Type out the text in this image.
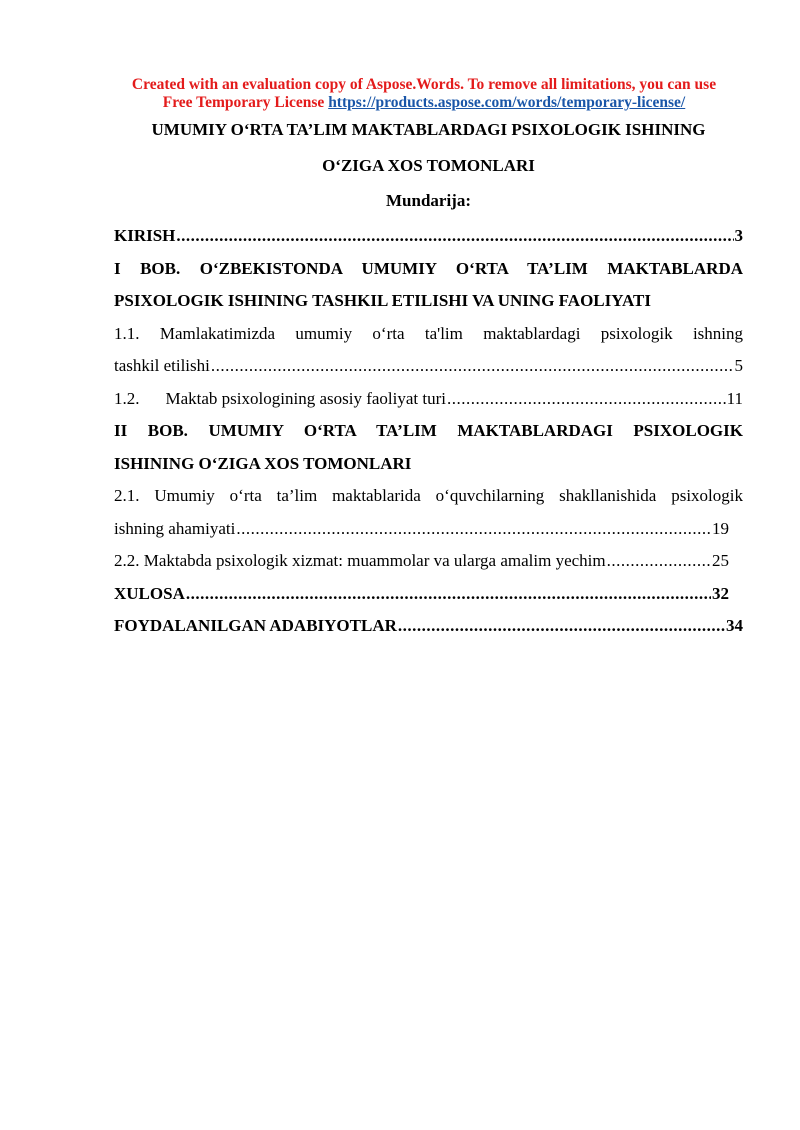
Created with an evaluation copy of Aspose.Words. To remove all limitations, you can use
Free Temporary License https://products.aspose.com/words/temporary-license/
UMUMIY O‘RTA TA’LIM MAKTABLARDAGI PSIXOLOGIK ISHINING
O‘ZIGA XOS TOMONLARI
Mundarija:
KIRISH .....	3
I BOB. O‘ZBEKISTONDA UMUMIY O‘RTA TA’LIM MAKTABLARDA
PSIXOLOGIK ISHINING TASHKIL ETILISHI VA UNING FAOLIYATI
1.1. Mamlakatimizda umumiy o‘rta ta'lim maktablardagi psixologik ishning
tashkil etilishi .....	5
1.2. Maktab psixologining asosiy faoliyat turi .....	11
II BOB. UMUMIY O‘RTA TA’LIM MAKTABLARDAGI PSIXOLOGIK
ISHINING O‘ZIGA XOS TOMONLARI
2.1. Umumiy o‘rta ta’lim maktablarida o‘quvchilarning shakllanishida psixologik
ishning ahamiyati .....	19
2.2. Maktabda psixologik xizmat: muammolar va ularga amalim yechim .....	25
XULOSA .....	32
FOYDALANILGAN ADABIYOTLAR .....	34
